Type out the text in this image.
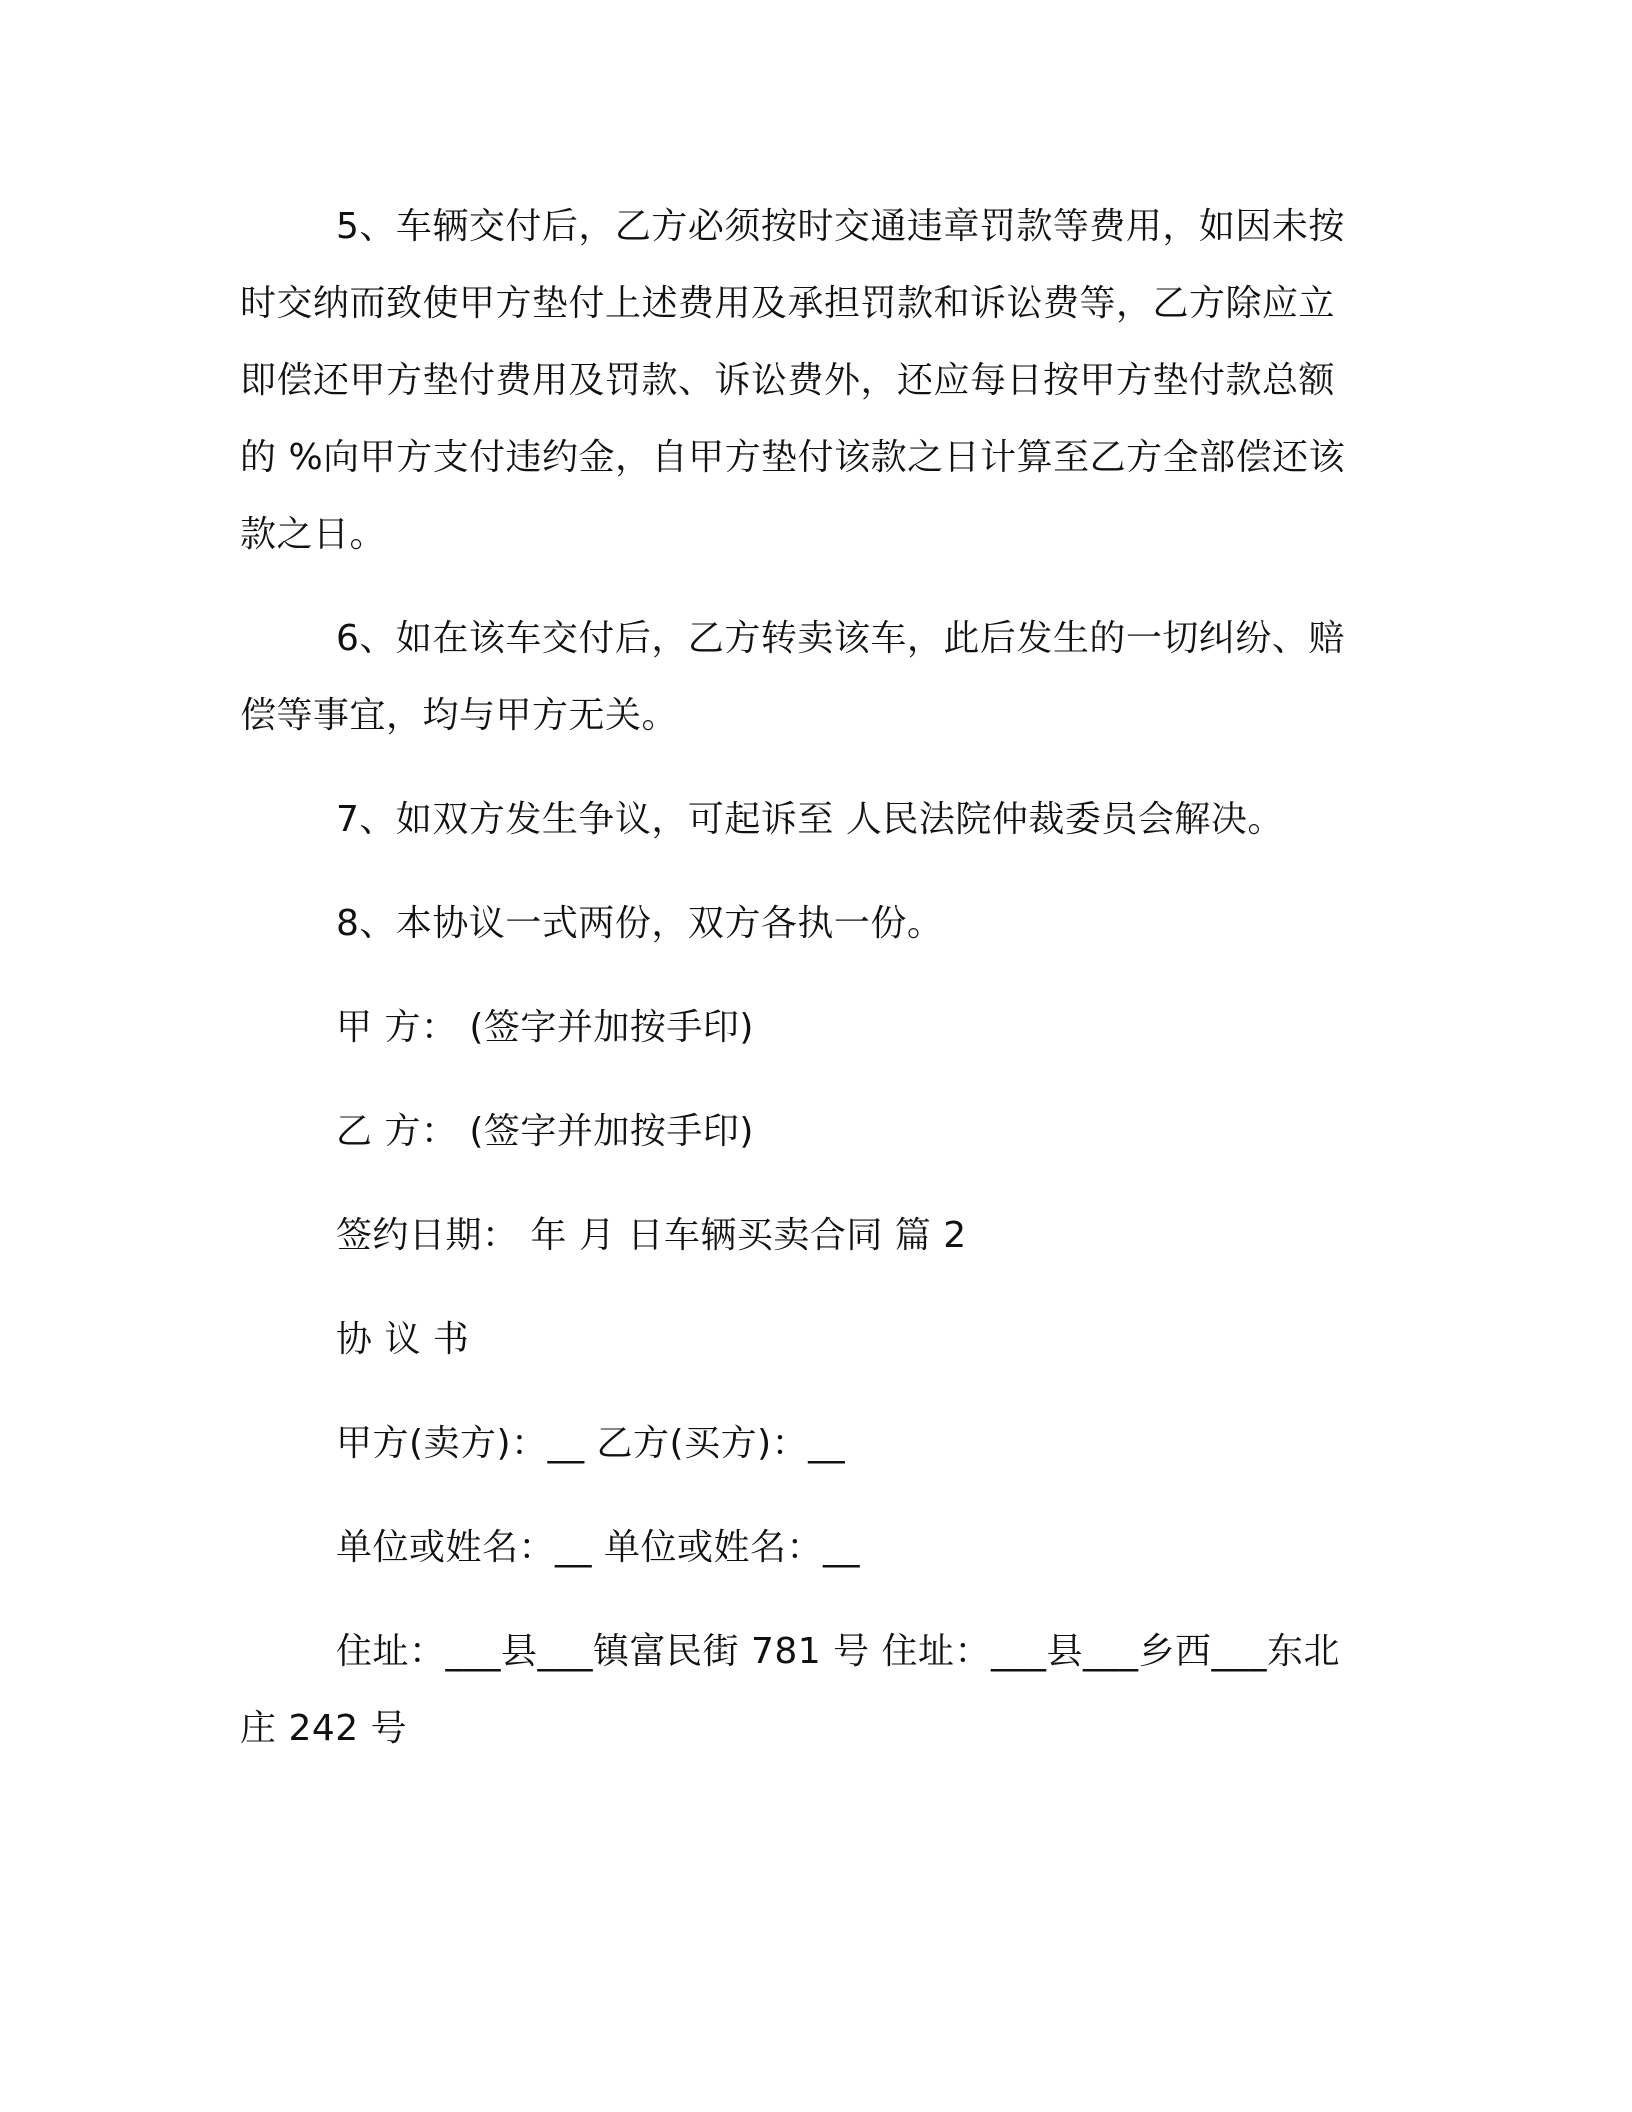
5、车辆交付后，乙方必须按时交通违章罚款等费用，如因未按时交纳而致使甲方垫付上述费用及承担罚款和诉讼费等，乙方除应立即偿还甲方垫付费用及罚款、诉讼费外，还应每日按甲方垫付款总额的 %向甲方支付违约金，自甲方垫付该款之日计算至乙方全部偿还该款之日。

6、如在该车交付后，乙方转卖该车，此后发生的一切纠纷、赔偿等事宜，均与甲方无关。

7、如双方发生争议，可起诉至 人民法院仲裁委员会解决。

8、本协议一式两份，双方各执一份。

甲 方： (签字并加按手印)

乙 方： (签字并加按手印)

签约日期： 年 月 日车辆买卖合同 篇 2

协 议 书

甲方(卖方)：__ 乙方(买方)：__

单位或姓名：__ 单位或姓名：__

住址：___县___镇富民街 781 号 住址：___县___乡西___东北庄 242 号
